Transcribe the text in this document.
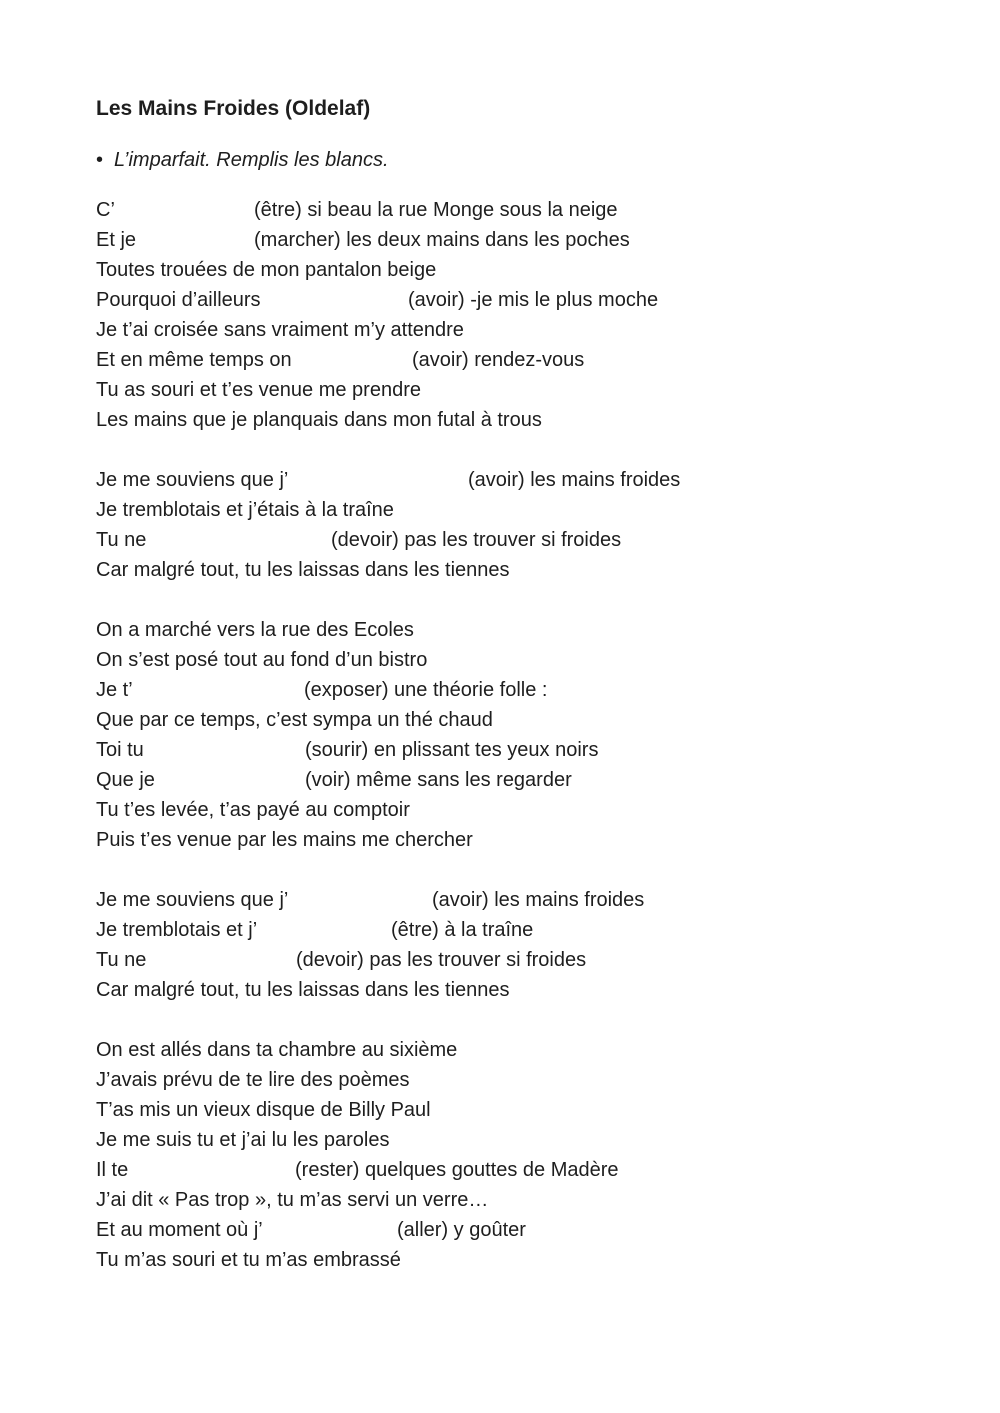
Les Mains Froides (Oldelaf)
• L’imparfait. Remplis les blancs.
C’	(être) si beau la rue Monge sous la neige
Et je	(marcher) les deux mains dans les poches
Toutes trouées de mon pantalon beige
Pourquoi d’ailleurs	(avoir) -je mis le plus moche
Je t’ai croisée sans vraiment m’y attendre
Et en même temps on	(avoir) rendez-vous
Tu as souri et t’es venue me prendre
Les mains que je planquais dans mon futal à trous
Je me souviens que j’	(avoir) les mains froides
Je tremblotais et j’étais à la traîne
Tu ne	(devoir) pas les trouver si froides
Car malgré tout, tu les laissas dans les tiennes
On a marché vers la rue des Ecoles
On s’est posé tout au fond d’un bistro
Je t’	(exposer) une théorie folle :
Que par ce temps, c’est sympa un thé chaud
Toi tu	(sourir) en plissant tes yeux noirs
Que je	(voir) même sans les regarder
Tu t’es levée, t’as payé au comptoir
Puis t’es venue par les mains me chercher
Je me souviens que j’	(avoir) les mains froides
Je tremblotais et j’	(être) à la traîne
Tu ne	(devoir) pas les trouver si froides
Car malgré tout, tu les laissas dans les tiennes
On est allés dans ta chambre au sixième
J’avais prévu de te lire des poèmes
T’as mis un vieux disque de Billy Paul
Je me suis tu et j’ai lu les paroles
Il te	(rester) quelques gouttes de Madère
J’ai dit « Pas trop », tu m’as servi un verre…
Et au moment où j’	(aller) y goûter
Tu m’as souri et tu m’as embrassé
